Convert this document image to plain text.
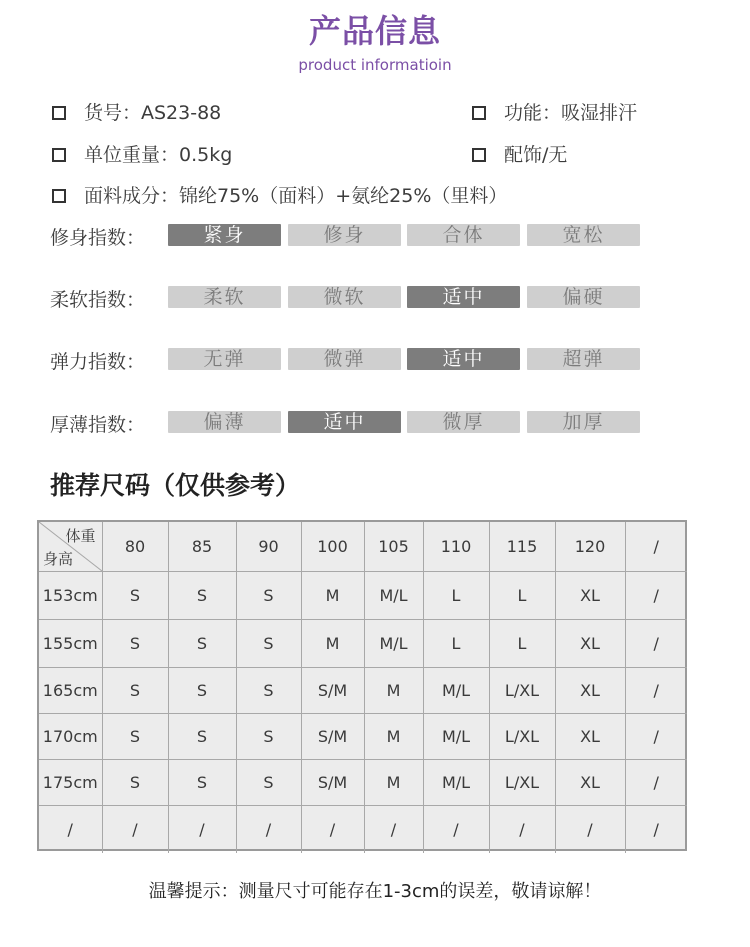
产品信息
product informatioin
货号：AS23-88	功能：吸湿排汗
单位重量：0.5kg	配饰/无
面料成分：锦纶75%（面料）+氨纶25%（里料）
修身指数：	紧身	修身	合体	宽松
柔软指数：	柔软	微软	适中	偏硬
弹力指数：	无弹	微弹	适中	超弹
厚薄指数：	偏薄	适中	微厚	加厚
推荐尺码（仅供参考）
体重
身高	80	85	90	100	105	110	115	120	/
153cm	S	S	S	M	M/L	L	L	XL	/
155cm	S	S	S	M	M/L	L	L	XL	/
165cm	S	S	S	S/M	M	M/L	L/XL	XL	/
170cm	S	S	S	S/M	M	M/L	L/XL	XL	/
175cm	S	S	S	S/M	M	M/L	L/XL	XL	/
/	/	/	/	/	/	/	/	/	/
温馨提示：测量尺寸可能存在1-3cm的误差，敬请谅解！
